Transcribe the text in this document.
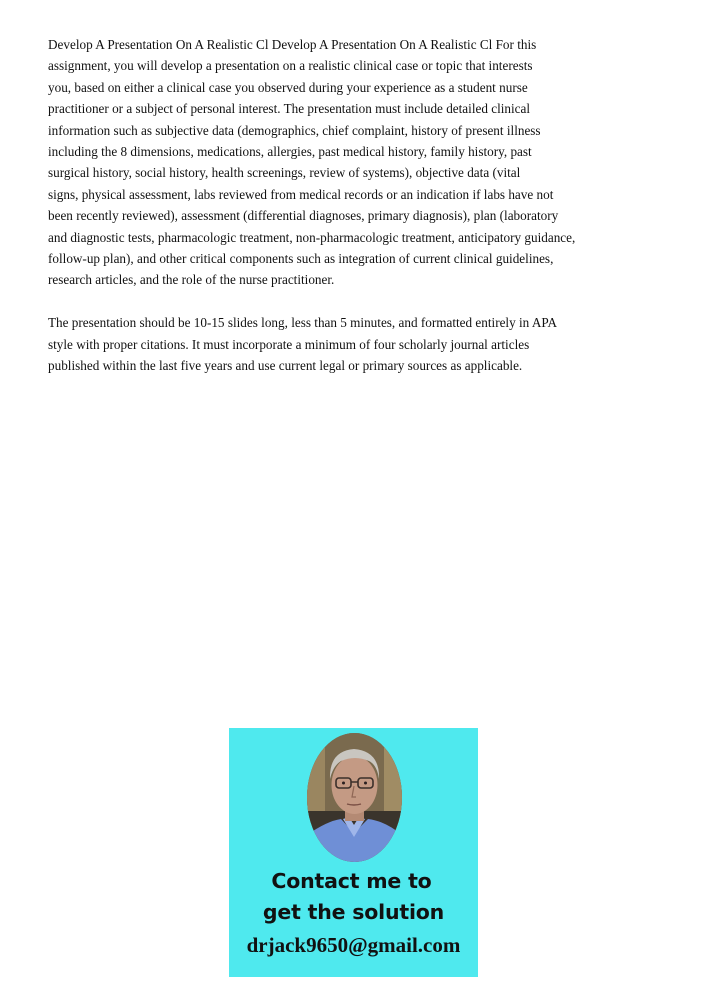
Develop A Presentation On A Realistic Cl Develop A Presentation On A Realistic Cl For this
assignment, you will develop a presentation on a realistic clinical case or topic that interests
you, based on either a clinical case you observed during your experience as a student nurse
practitioner or a subject of personal interest. The presentation must include detailed clinical
information such as subjective data (demographics, chief complaint, history of present illness
including the 8 dimensions, medications, allergies, past medical history, family history, past
surgical history, social history, health screenings, review of systems), objective data (vital
signs, physical assessment, labs reviewed from medical records or an indication if labs have not
been recently reviewed), assessment (differential diagnoses, primary diagnosis), plan (laboratory
and diagnostic tests, pharmacologic treatment, non-pharmacologic treatment, anticipatory guidance,
follow-up plan), and other critical components such as integration of current clinical guidelines,
research articles, and the role of the nurse practitioner.

The presentation should be 10-15 slides long, less than 5 minutes, and formatted entirely in APA
style with proper citations. It must incorporate a minimum of four scholarly journal articles
published within the last five years and use current legal or primary sources as applicable.

Contact me to
get the solution
drjack9650@gmail.com
